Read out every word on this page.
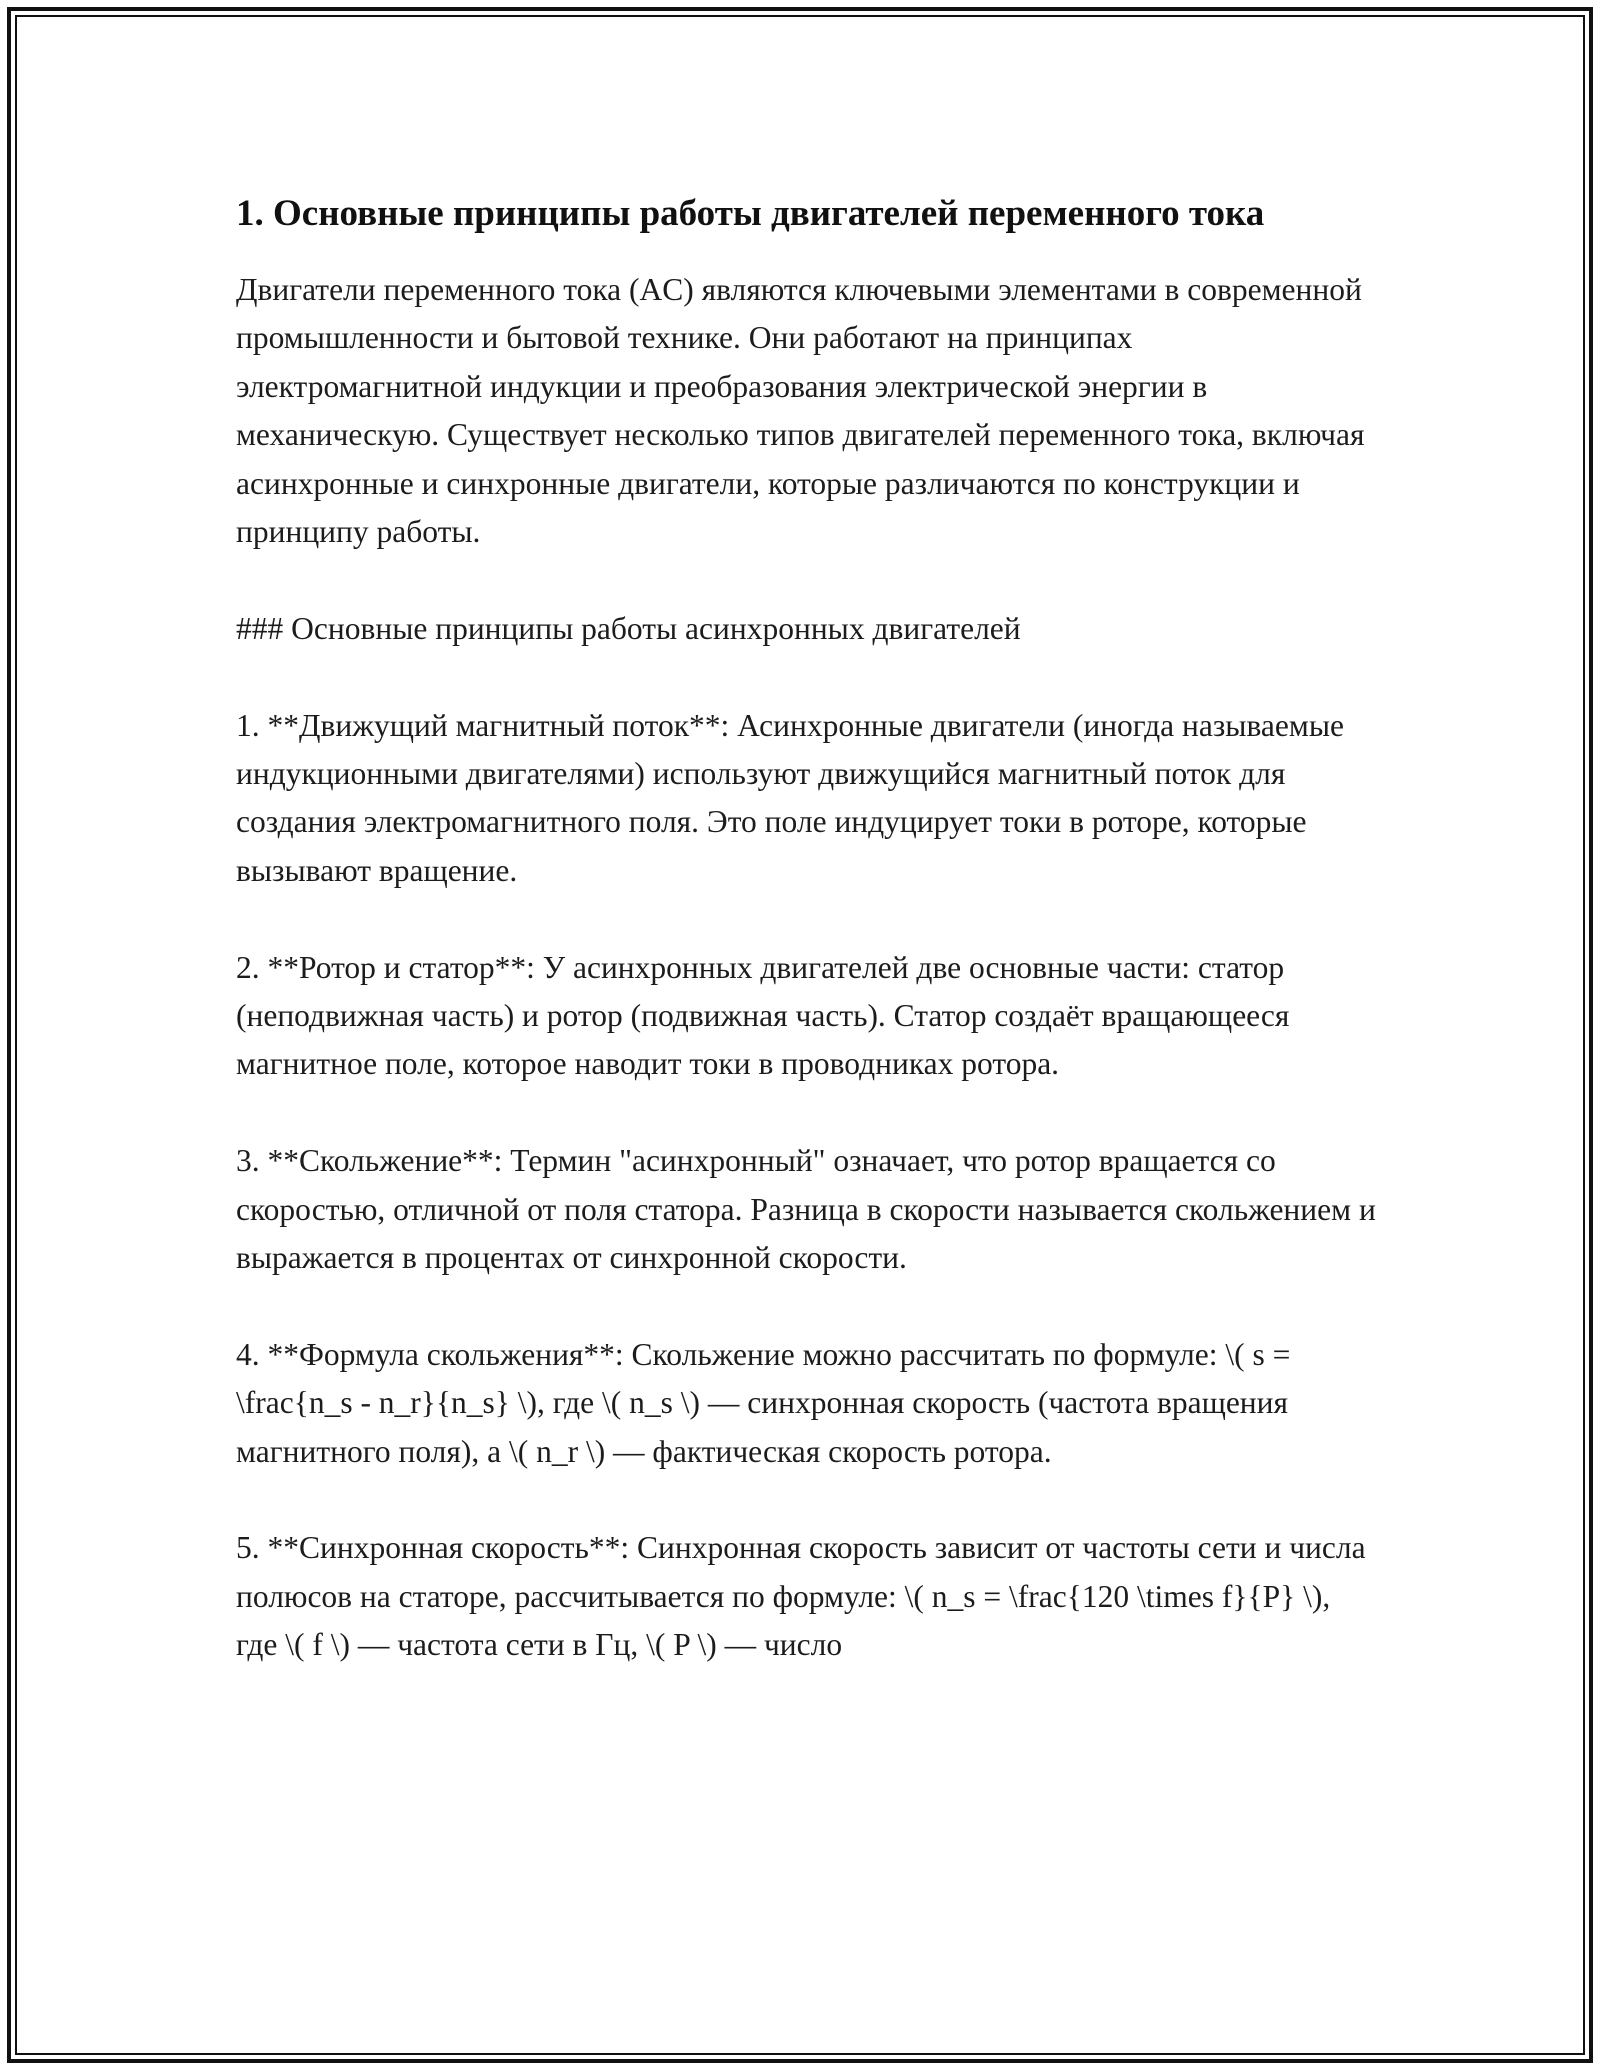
1. Основные принципы работы двигателей переменного тока

Двигатели переменного тока (AC) являются ключевыми элементами в современной промышленности и бытовой технике. Они работают на принципах электромагнитной индукции и преобразования электрической энергии в механическую. Существует несколько типов двигателей переменного тока, включая асинхронные и синхронные двигатели, которые различаются по конструкции и принципу работы.

### Основные принципы работы асинхронных двигателей

1. **Движущий магнитный поток**: Асинхронные двигатели (иногда называемые индукционными двигателями) используют движущийся магнитный поток для создания электромагнитного поля. Это поле индуцирует токи в роторе, которые вызывают вращение.

2. **Ротор и статор**: У асинхронных двигателей две основные части: статор (неподвижная часть) и ротор (подвижная часть). Статор создаёт вращающееся магнитное поле, которое наводит токи в проводниках ротора.

3. **Скольжение**: Термин "асинхронный" означает, что ротор вращается со скоростью, отличной от поля статора. Разница в скорости называется скольжением и выражается в процентах от синхронной скорости.

4. **Формула скольжения**: Скольжение можно рассчитать по формуле: \( s = \frac{n_s - n_r}{n_s} \), где \( n_s \) — синхронная скорость (частота вращения магнитного поля), а \( n_r \) — фактическая скорость ротора.

5. **Синхронная скорость**: Синхронная скорость зависит от частоты сети и числа полюсов на статоре, рассчитывается по формуле: \( n_s = \frac{120 \times f}{P} \), где \( f \) — частота сети в Гц, \( P \) — число
